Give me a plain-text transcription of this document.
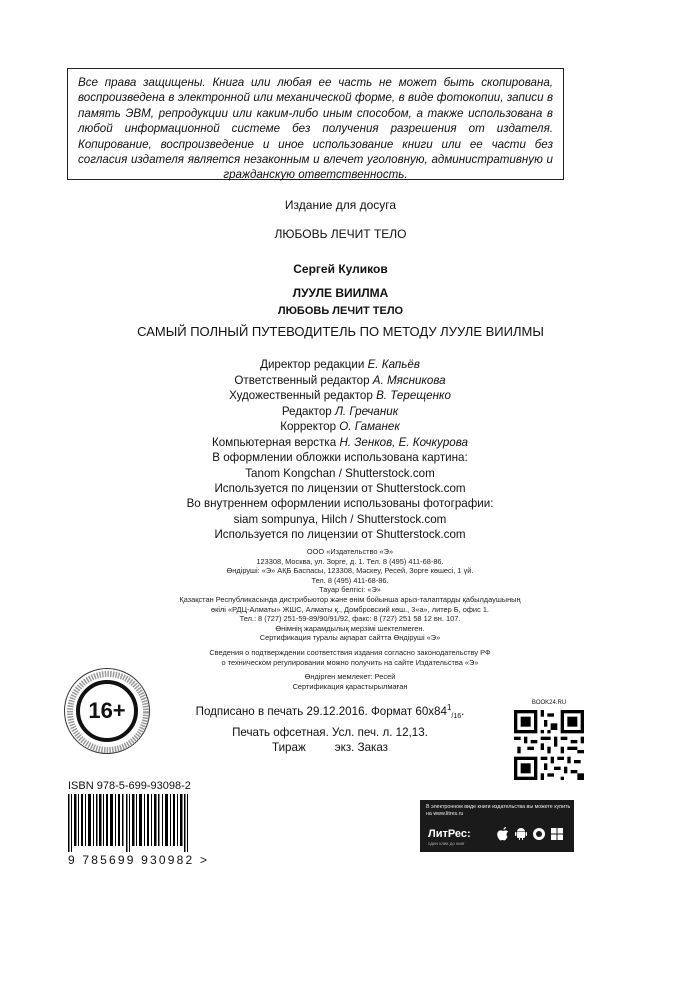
Все права защищены. Книга или любая ее часть не может быть скопирована, воспроизведена в электронной или механической форме, в виде фотокопии, записи в память ЭВМ, репродукции или каким-либо иным способом, а также использована в любой информационной системе без получения разрешения от издателя. Копирование, воспроизведение и иное использование книги или ее части без согласия издателя является незаконным и влечет уголовную, административную и гражданскую ответственность.

Издание для досуга
ЛЮБОВЬ ЛЕЧИТ ТЕЛО
Сергей Куликов
ЛУУЛЕ ВИИЛМА
ЛЮБОВЬ ЛЕЧИТ ТЕЛО
САМЫЙ ПОЛНЫЙ ПУТЕВОДИТЕЛЬ ПО МЕТОДУ ЛУУЛЕ ВИИЛМЫ
Директор редакции Е. Капьёв
Ответственный редактор А. Мясникова
Художественный редактор В. Терещенко
Редактор Л. Гречаник
Корректор О. Гаманек
Компьютерная верстка Н. Зенков, Е. Кочкурова
В оформлении обложки использована картина:
Tanom Kongchan / Shutterstock.com
Используется по лицензии от Shutterstock.com
Во внутреннем оформлении использованы фотографии:
siam sompunya, Hilch / Shutterstock.com
Используется по лицензии от Shutterstock.com
ООО «Издательство «Э»
123308, Москва, ул. Зорге, д. 1. Тел. 8 (495) 411-68-86.
Өндіруші: «Э» АҚБ Баспасы, 123308, Мәскеу, Ресей, Зорге көшесі, 1 үй.
Тел. 8 (495) 411-68-86.
Тауар белгісі: «Э»
Қазақстан Республикасында дистрибьютор және өнім бойынша арыз-талаптарды қабылдаушының
өкілі «РДЦ-Алматы» ЖШС, Алматы қ., Домбровский көш., 3«а», литер Б, офис 1.
Тел.: 8 (727) 251-59-89/90/91/92, факс: 8 (727) 251 58 12 вн. 107.
Өнімнің жарамдылық мерзімі шектелмеген.
Сертификация туралы ақпарат сайтта Өндіруші «Э»
Сведения о подтверждении соответствия издания согласно законодательству РФ
о техническом регулировании можно получить на сайте Издательства «Э»
Өндірген мемлекет: Ресей
Сертификация қарастырылмаған
Подписано в печать 29.12.2016. Формат $60х84^1_{/16}$.
Печать офсетная. Усл. печ. л. 12,13.
Тираж	экз. Заказ
16+
ISBN 978-5-699-93098-2
9 785699 930982 >
BOOK24.RU
В электронном виде книги издательства вы можете купить на www.litres.ru
ЛитРес:
один клик до книг
